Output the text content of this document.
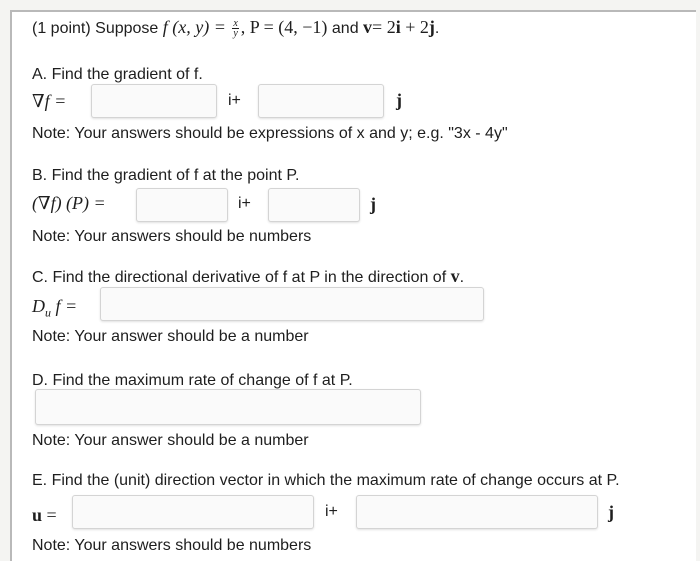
(1 point) Suppose f (x, $y) = \frac{x}{y}$ , P = (4, −1) and v= 2i + 2j.
A. Find the gradient of f.
∇f =	i+	j
Note: Your answers should be expressions of x and y; e.g. "3x - 4y"
B. Find the gradient of f at the point P.
(∇f) (P) =	i+	j
Note: Your answers should be numbers
C. Find the directional derivative of f at P in the direction of v.
$D_u$ f =
Note: Your answer should be a number
D. Find the maximum rate of change of f at P.
Note: Your answer should be a number
E. Find the (unit) direction vector in which the maximum rate of change occurs at P.
u =	i+	j
Note: Your answers should be numbers
